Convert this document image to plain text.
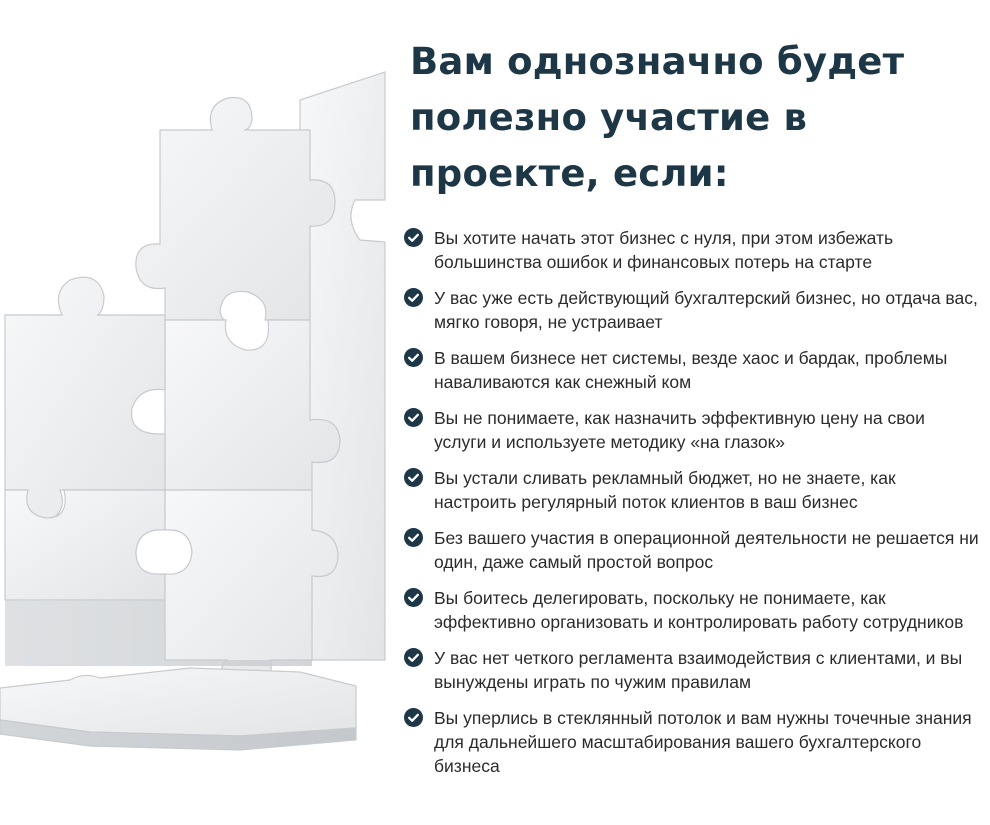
Вам однозначно будет полезно участие в проекте, если:
Вы хотите начать этот бизнес с нуля, при этом избежать большинства ошибок и финансовых потерь на старте
У вас уже есть действующий бухгалтерский бизнес, но отдача вас, мягко говоря, не устраивает
В вашем бизнесе нет системы, везде хаос и бардак, проблемы наваливаются как снежный ком
Вы не понимаете, как назначить эффективную цену на свои услуги и используете методику «на глазок»
Вы устали сливать рекламный бюджет, но не знаете, как настроить регулярный поток клиентов в ваш бизнес
Без вашего участия в операционной деятельности не решается ни один, даже самый простой вопрос
Вы боитесь делегировать, поскольку не понимаете, как эффективно организовать и контролировать работу сотрудников
У вас нет четкого регламента взаимодействия с клиентами, и вы вынуждены играть по чужим правилам
Вы уперлись в стеклянный потолок и вам нужны точечные знания для дальнейшего масштабирования вашего бухгалтерского бизнеса
